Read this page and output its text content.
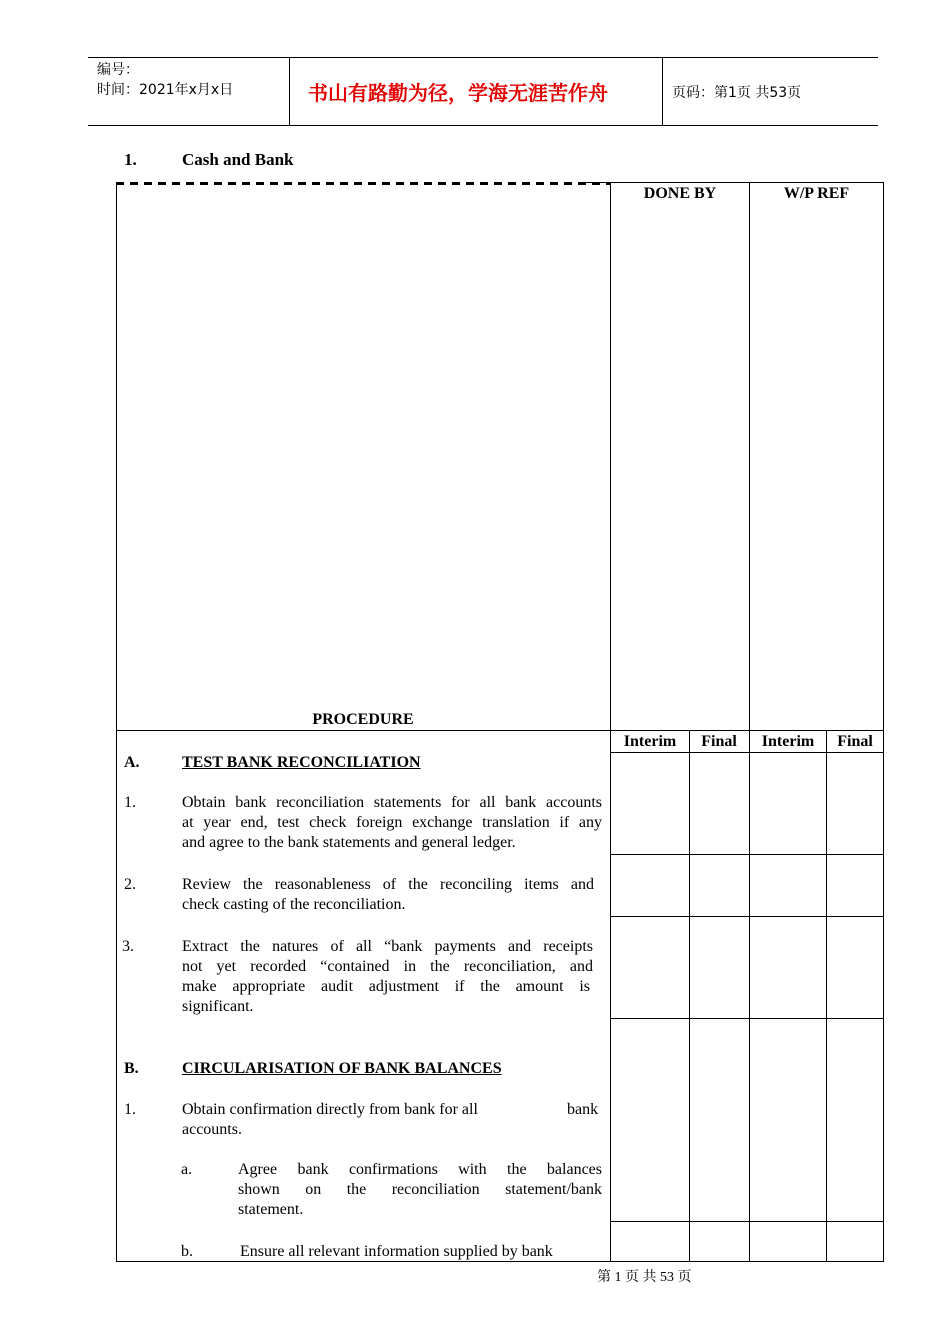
编号：
时间：2021年x月x日	书山有路勤为径，学海无涯苦作舟	页码：第1页 共53页
1.	Cash and Bank
DONE BY	W/P REF
PROCEDURE
Interim	Final	Interim	Final
A.	TEST BANK RECONCILIATION
1.	Obtain bank reconciliation statements for all bank accounts
at year end, test check foreign exchange translation if any
and agree to the bank statements and general ledger.
2.	Review the reasonableness of the reconciling items and
check casting of the reconciliation.
3.	Extract the natures of all “bank payments and receipts
not yet recorded “contained in the reconciliation, and
make appropriate audit adjustment if the amount is
significant.
B.	CIRCULARISATION OF BANK BALANCES
1.	Obtain confirmation directly from bank for all	bank
accounts.
a.	Agree bank confirmations with the balances
shown on the reconciliation statement/bank
statement.
b.	Ensure all relevant information supplied by bank
第 1 页 共 53 页
